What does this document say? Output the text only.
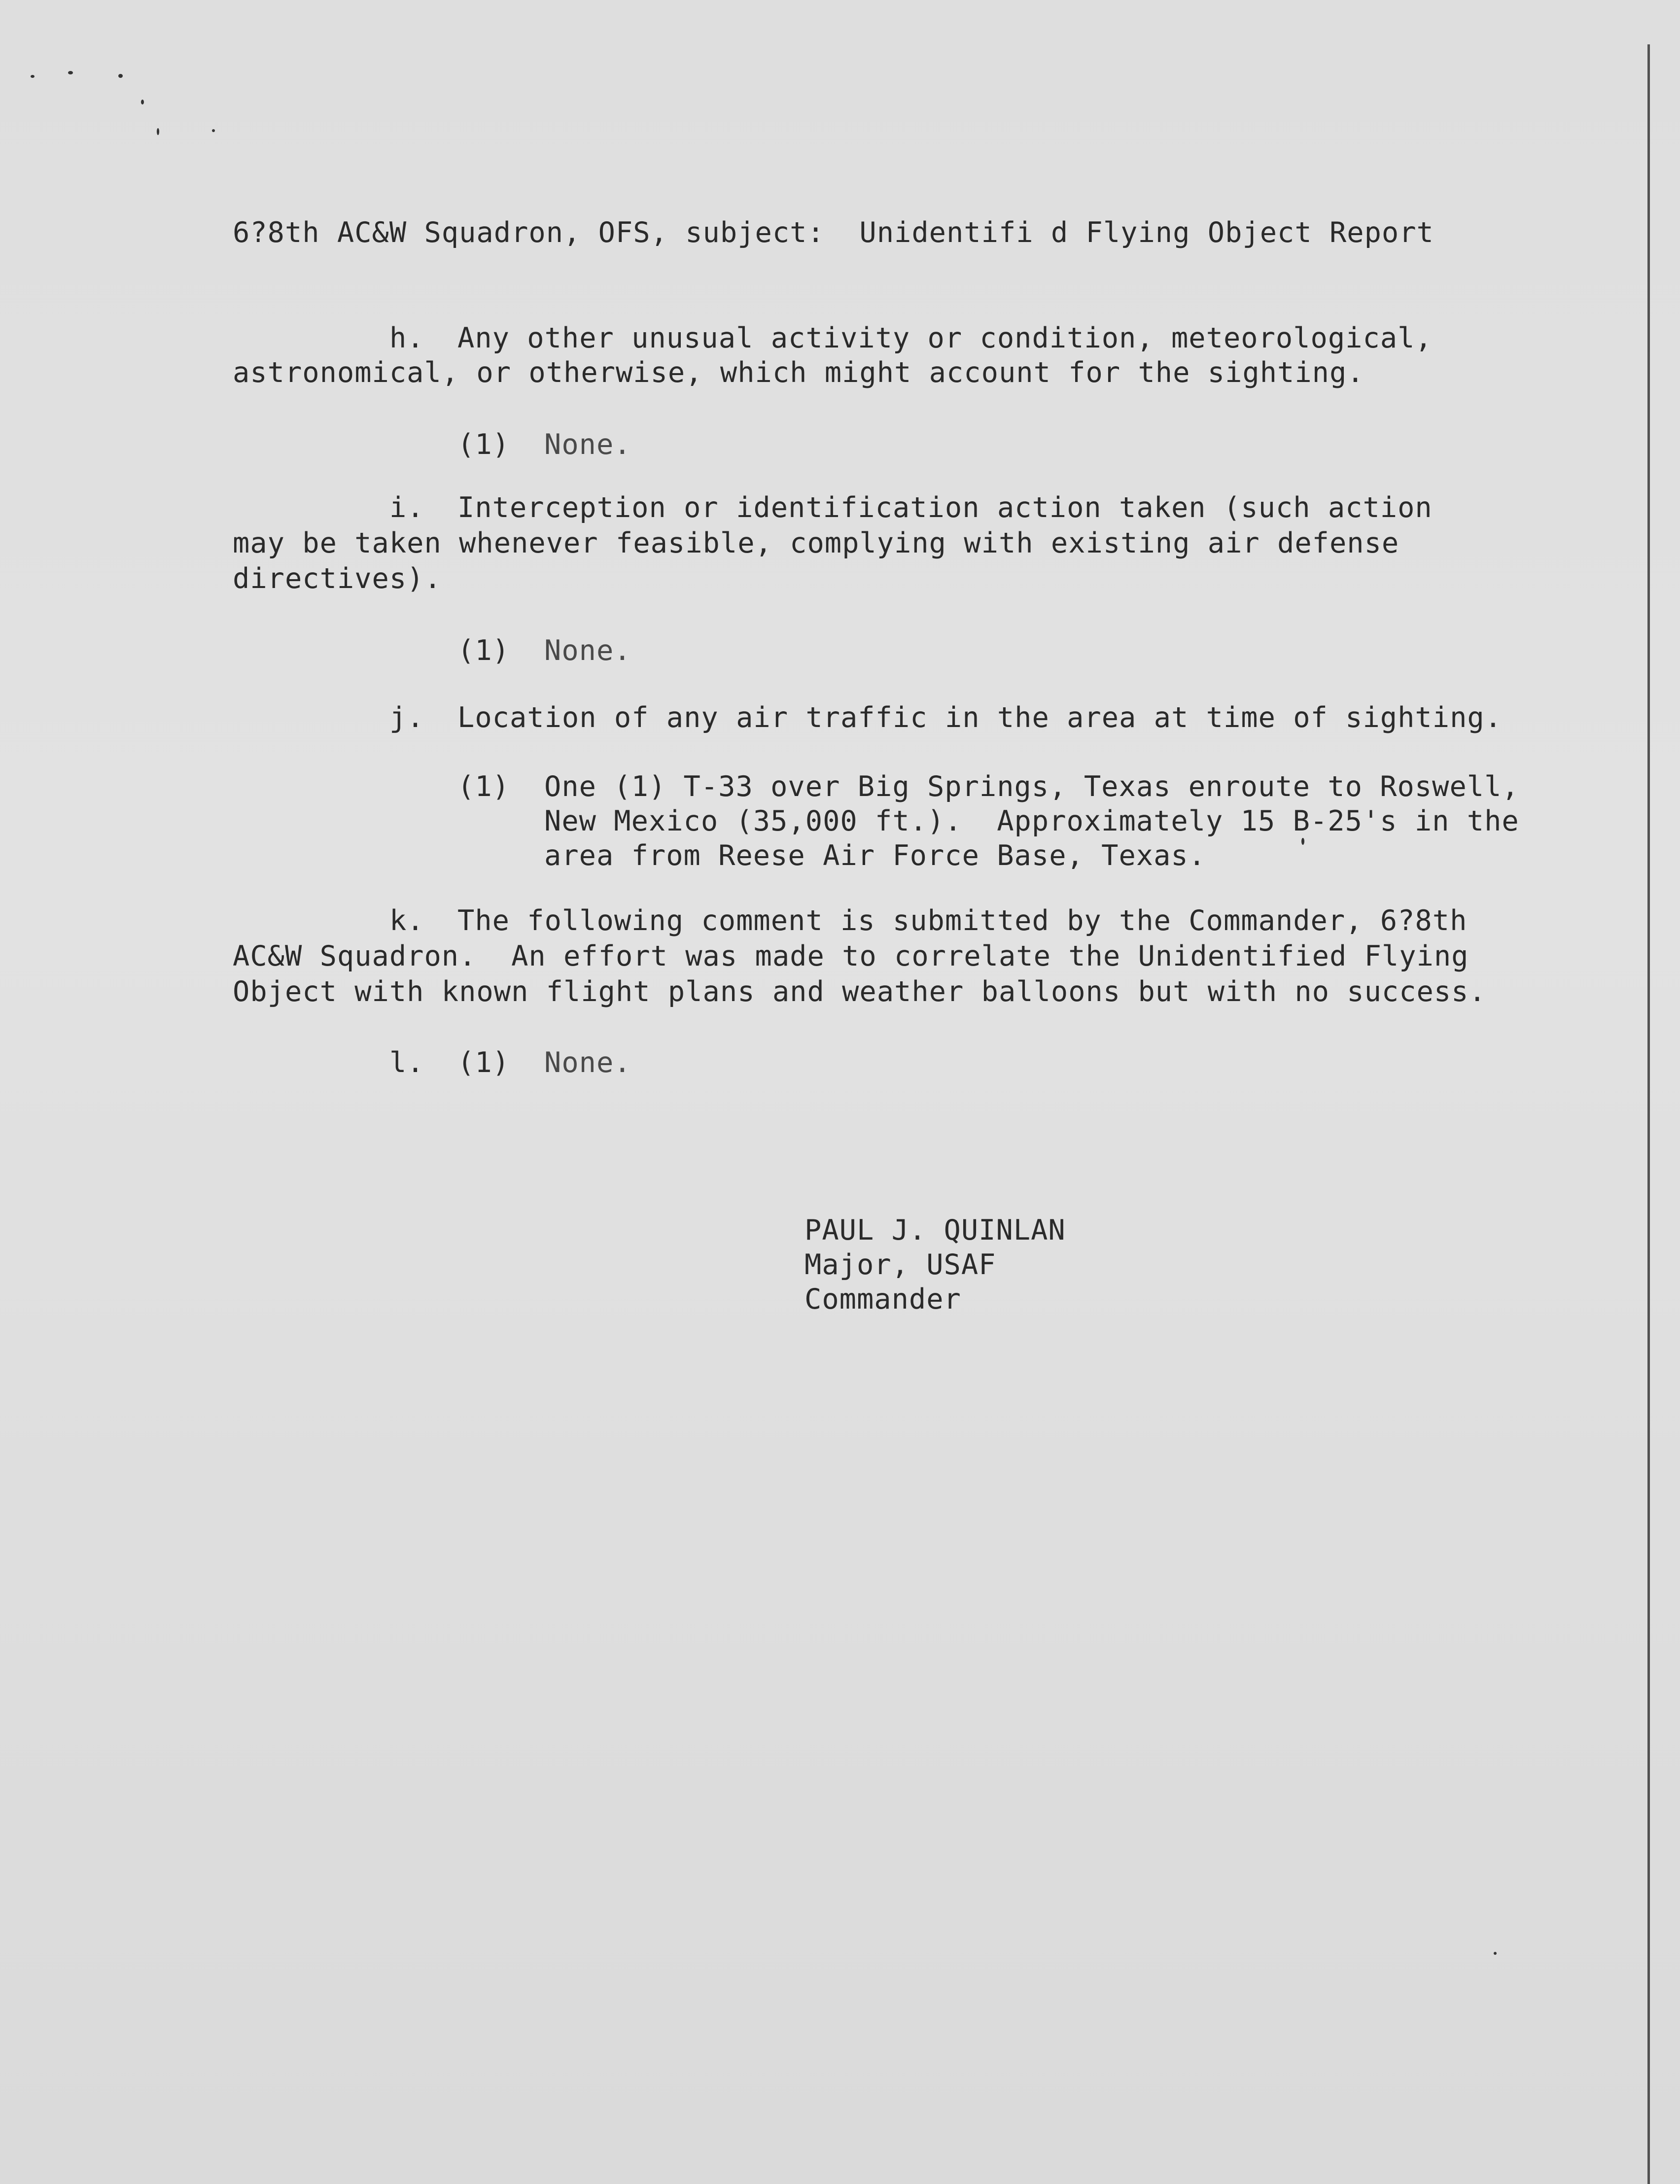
6?8th AC&W Squadron, OFS, subject:  Unidentifi d Flying Object Report
h. Any other unusual activity or condition, meteorological,
astronomical, or otherwise, which might account for the sighting.
(1) None.
i. Interception or identification action taken (such action
may be taken whenever feasible, complying with existing air defense
directives).
(1) None.
j. Location of any air traffic in the area at time of sighting.
(1) One (1) T-33 over Big Springs, Texas enroute to Roswell,
New Mexico (35,000 ft.).  Approximately 15 B-25's in the
area from Reese Air Force Base, Texas.
k. The following comment is submitted by the Commander, 6?8th
AC&W Squadron.  An effort was made to correlate the Unidentified Flying
Object with known flight plans and weather balloons but with no success.
l. (1) None.
PAUL J. QUINLAN
Major, USAF
Commander
